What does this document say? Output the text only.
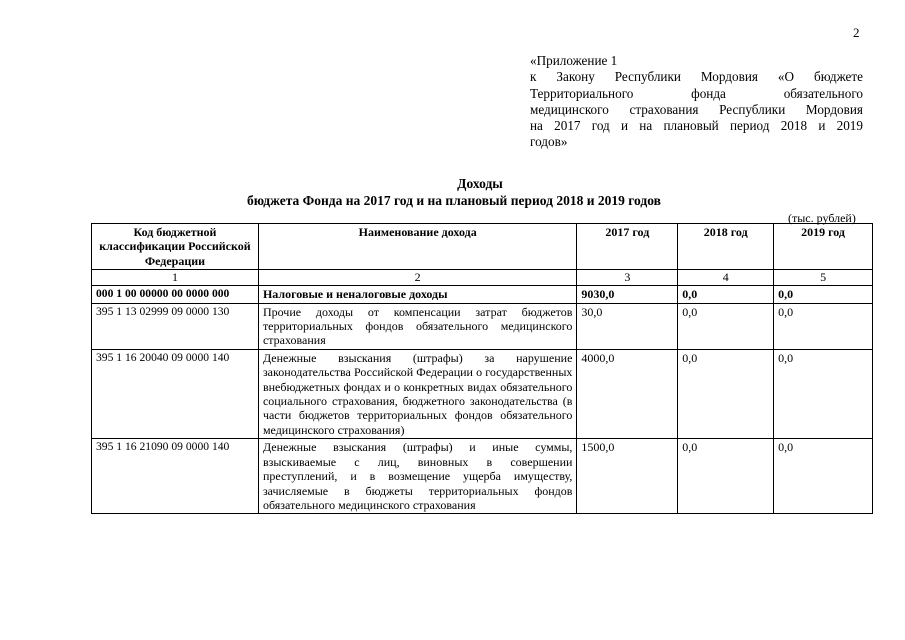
2
«Приложение 1
к Закону Республики Мордовия «О бюджете
Территориального фонда обязательного
медицинского страхования Республики Мордовия
на 2017 год и на плановый период 2018 и 2019
годов»
Доходы
бюджета Фонда на 2017 год и на плановый период 2018 и 2019 годов
(тыс. рублей)
Код бюджетной классификации Российской Федерации	Наименование дохода	2017 год	2018 год	2019 год
1	2	3	4	5
000 1 00 00000 00 0000 000	Налоговые и неналоговые доходы	9030,0	0,0	0,0
395 1 13 02999 09 0000 130	Прочие доходы от компенсации затрат бюджетов территориальных фондов обязательного медицинского страхования	30,0	0,0	0,0
395 1 16 20040 09 0000 140	Денежные взыскания (штрафы) за нарушение законодательства Российской Федерации о государственных внебюджетных фондах и о конкретных видах обязательного социального страхования, бюджетного законодательства (в части бюджетов территориальных фондов обязательного медицинского страхования)	4000,0	0,0	0,0
395 1 16 21090 09 0000 140	Денежные взыскания (штрафы) и иные суммы, взыскиваемые с лиц, виновных в совершении преступлений, и в возмещение ущерба имуществу, зачисляемые в бюджеты территориальных фондов обязательного медицинского страхования	1500,0	0,0	0,0
